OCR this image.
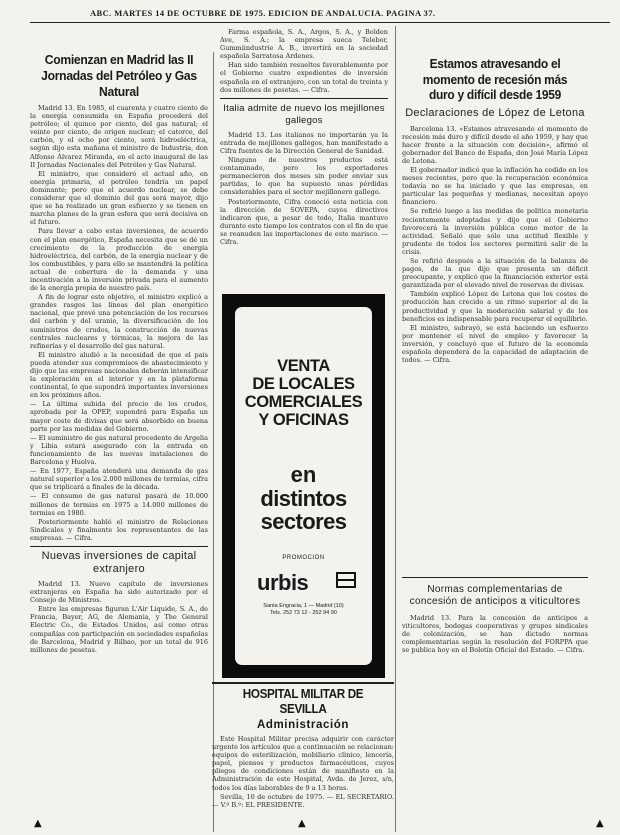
ABC. MARTES 14 DE OCTUBRE DE 1975. EDICION DE ANDALUCIA. PAGINA 37.
Comienzan en Madrid las II Jornadas del Petróleo y Gas Natural

Madrid 13. En 1985, el cuarenta y cuatro ciento de la energía consumida en España procederá del petróleo; el quince por ciento, del gas natural; el veinte por ciento, de origen nuclear; el catorce, del carbón, y el ocho por ciento, será hidroeléctrica, según dijo esta mañana el ministro de Industria, don Alfonso Álvarez Miranda, en el acto inaugural de las II Jornadas Nacionales del Petróleo y Gas Natural.

El ministro, que consideró el actual año, en energía primaria, el petróleo tendría un papel dominante; pero que el acuerdo nuclear, se debe considerar que el dominio del gas será mayor, dijo que se ha realizado un gran esfuerzo y se tienen en marcha planes de la gran esfera que será decisiva en el futuro.

Para llevar a cabo estas inversiones, de acuerdo con el plan energético, España necesita que se dé un crecimiento de la producción de energía hidroeléctrica, del carbón, de la energía nuclear y de los combustibles, y para ello se mantendrá la política actual de cobertura de la demanda y una incentivación a la inversión privada para el aumento de la energía propia de nuestro país.

A fin de lograr este objetivo, el ministro explicó a grandes rasgos las líneas del plan energético nacional, que prevé una potenciación de los recursos del carbón y del uranio, la diversificación de los suministros de crudos, la construcción de nuevas centrales nucleares y térmicas, la mejora de las refinerías y el desarrollo del gas natural.

El ministro aludió a la necesidad de que el país pueda atender sus compromisos de abastecimiento y dijo que las empresas nacionales deberán intensificar la exploración en el interior y en la plataforma continental, lo que supondrá importantes inversiones en los próximos años.

— La última subida del precio de los crudos, aprobada por la OPEP, supondrá para España un mayor coste de divisas que será absorbido en buena parte por las medidas del Gobierno.

— El suministro de gas natural procedente de Argelia y Libia estará asegurado con la entrada en funcionamiento de las nuevas instalaciones de Barcelona y Huelva.

— En 1977, España atenderá una demanda de gas natural superior a los 2.000 millones de termias, cifra que se triplicará a finales de la década.

— El consumo de gas natural pasará de 10.000 millones de termias en 1975 a 14.000 millones de termias en 1980.

Posteriormente habló el ministro de Relaciones Sindicales y finalmente los representantes de las empresas. — Cifra.

Nuevas inversiones de capital extranjero

Madrid 13. Nuevo capítulo de inversiones extranjeras en España ha sido autorizado por el Consejo de Ministros.

Entre las empresas figuran L'Air Liquide, S. A., de Francia, Bayer, AG, de Alemania, y The General Electric Co., de Estados Unidos, así como otras compañías con participación en sociedades españolas de Barcelona, Madrid y Bilbao, por un total de 916 millones de pesetas.

Farma española, S. A., Argos, S. A., y Bolden Ave, S. A.; la empresa sueca Telebor, Gummiindustrie A. B., invertirá en la sociedad española Sarratosa Ardenes.

Han sido también resueltos favorablemente por el Gobierno cuatro expedientes de inversión española en el extranjero, con un total de treinta y dos millones de pesetas. — Cifra.

Italia admite de nuevo los mejillones gallegos

Madrid 13. Los italianos no importarán ya la entrada de mejillones gallegos, han manifestado a Cifra fuentes de la Dirección General de Sanidad.

Ninguno de nuestros productos está contaminado, pero los exportadores permanecieron dos meses sin poder enviar sus partidas, lo que ha supuesto unas pérdidas considerables para el sector mejillonero gallego.

Posteriormente, Cifra conoció esta noticia con la dirección de SOVEPA, cuyos directivos indicaron que, a pesar de todo, Italia mantuvo durante este tiempo los contratos con el fin de que se reanuden las importaciones de este marisco. — Cifra.

VENTA
DE LOCALES
COMERCIALES
Y OFICINAS
en
distintos
sectores
PROMOCION
urbis
Santa Engracia, 1 — Madrid (10)
Tels. 252 73 12 - 252 94 90
HOSPITAL MILITAR DE SEVILLA
Administración

Este Hospital Militar precisa adquirir con carácter urgente los artículos que a continuación se relacionan: equipos de esterilización, mobiliario clínico, lencería, papel, piensos y productos farmacéuticos, cuyos pliegos de condiciones están de manifiesto en la Administración de este Hospital, Avda. de Jerez, s/n, todos los días laborables de 9 a 13 horas.

Sevilla, 10 de octubre de 1975. — EL SECRETARIO. — V.º B.º: EL PRESIDENTE.

Estamos atravesando el momento de recesión más duro y difícil desde 1959
Declaraciones de López de Letona

Barcelona 13. «Estamos atravesando el momento de recesión más duro y difícil desde el año 1959, y hay que hacer frente a la situación con decisión», afirmó el gobernador del Banco de España, don José María López de Letona.

El gobernador indicó que la inflación ha cedido en los meses recientes, pero que la recuperación económica todavía no se ha iniciado y que las empresas, en particular las pequeñas y medianas, necesitan apoyo financiero.

Se refirió luego a las medidas de política monetaria recientemente adoptadas y dijo que el Gobierno favorecerá la inversión pública como motor de la actividad. Señaló que sólo una actitud flexible y prudente de todos los sectores permitirá salir de la crisis.

Se refirió después a la situación de la balanza de pagos, de la que dijo que presenta un déficit preocupante, y explicó que la financiación exterior está garantizada por el elevado nivel de reservas de divisas.

También explicó López de Letona que los costes de producción han crecido a un ritmo superior al de la productividad y que la moderación salarial y de los beneficios es indispensable para recuperar el equilibrio.

El ministro, subrayó, se está haciendo un esfuerzo por mantener el nivel de empleo y favorecer la inversión, y concluyó que el futuro de la economía española dependerá de la capacidad de adaptación de todos. — Cifra.

Normas complementarias de concesión de anticipos a viticultores

Madrid 13. Para la concesión de anticipos a viticultores, bodegas cooperativas y grupos sindicales de colonización, se han dictado normas complementarias según la resolución del FORPPA que se publica hoy en el Boletín Oficial del Estado. — Cifra.

▲	▲	▲
